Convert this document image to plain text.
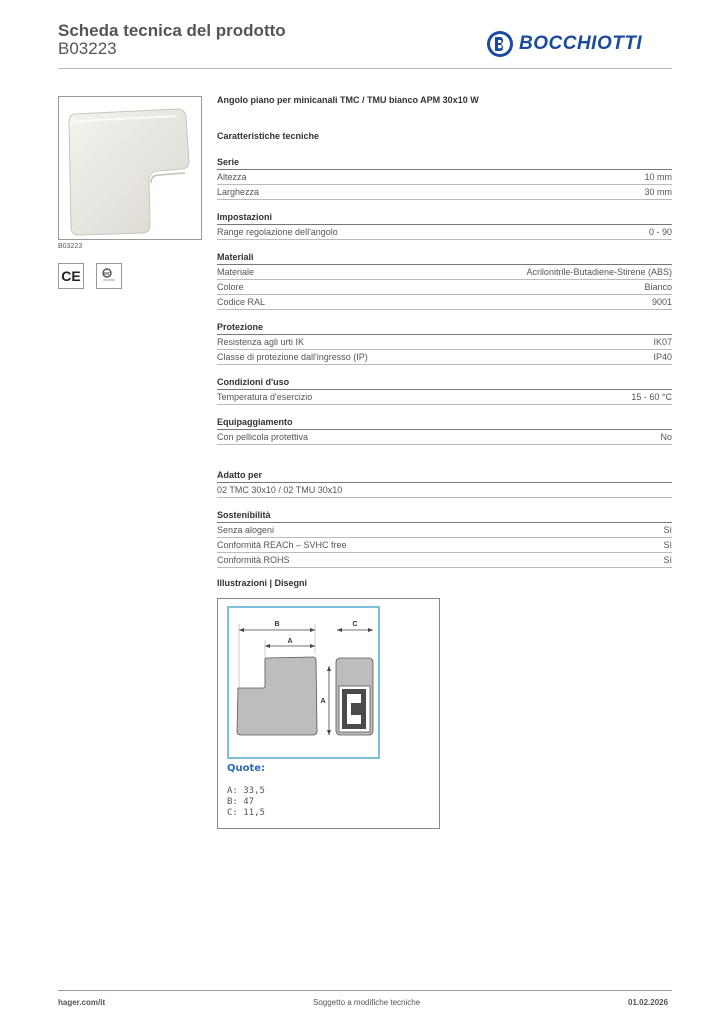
Scheda tecnica del prodotto
B03223	BOCCHIOTTI
B03223
CE	IMQ
Angolo piano per minicanali TMC / TMU bianco APM 30x10 W
Caratteristiche tecniche
Serie
Altezza	10 mm
Larghezza	30 mm
Impostazioni
Range regolazione dell'angolo	0 - 90
Materiali
Materiale	Acrilonitrile-Butadiene-Stirene (ABS)
Colore	Bianco
Codice RAL	9001
Protezione
Resistenza agli urti IK	IK07
Classe di protezione dall'ingresso (IP)	IP40
Condizioni d'uso
Temperatura d'esercizio	15 - 60 °C
Equipaggiamento
Con pellicola protettiva	No
Adatto per
02 TMC 30x10 / 02 TMU 30x10
Sostenibilità
Senza alogeni	Sì
Conformità REACh – SVHC free	Sì
Conformità ROHS	Sì
Illustrazioni | Disegni
B
A
C
A
Quote:
A: 33,5
B: 47
C: 11,5
hager.com/it	Soggetto a modifiche tecniche	01.02.2026
